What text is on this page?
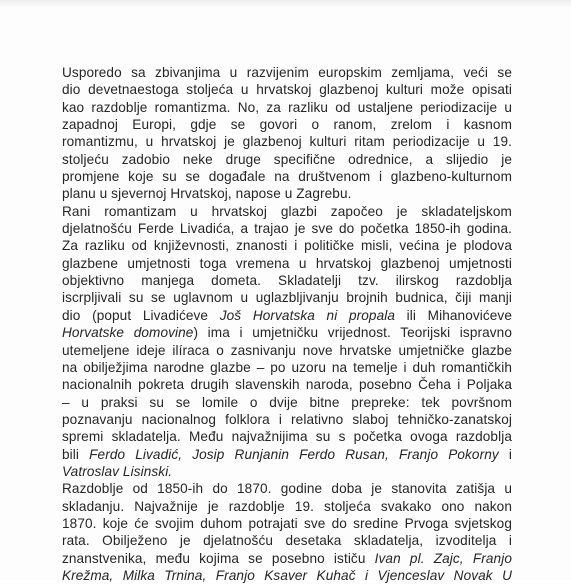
Usporedo sa zbivanjima u razvijenim europskim zemljama, veći se
dio devetnaestoga stoljeća u hrvatskoj glazbenoj kulturi može opisati
kao razdoblje romantizma. No, za razliku od ustaljene periodizacije u
zapadnoj Europi, gdje se govori o ranom, zrelom i kasnom
romantizmu, u hrvatskoj je glazbenoj kulturi ritam periodizacije u 19.
stoljeću zadobio neke druge specifične odrednice, a slijedio je
promjene koje su se događale na društvenom i glazbeno-kulturnom
planu u sjevernoj Hrvatskoj, napose u Zagrebu.
Rani romantizam u hrvatskoj glazbi započeo je skladateljskom
djelatnošću Ferde Livadića, a trajao je sve do početka 1850-ih godina.
Za razliku od književnosti, znanosti i političke misli, većina je plodova
glazbene umjetnosti toga vremena u hrvatskoj glazbenoj umjetnosti
objektivno manjega dometa. Skladatelji tzv. ilirskog razdoblja
iscrpljivali su se uglavnom u uglazbljivanju brojnih budnica, čiji manji
dio (poput Livadićeve Još Horvatska ni propala ili Mihanovićeve
Horvatske domovine) ima i umjetničku vrijednost. Teorijski ispravno
utemeljene ideje ilíraca o zasnivanju nove hrvatske umjetničke glazbe
na obilježjima narodne glazbe – po uzoru na temelje i duh romantičkih
nacionalnih pokreta drugih slavenskih naroda, posebno Čeha i Poljaka
– u praksi su se lomile o dvije bitne prepreke: tek površnom
poznavanju nacionalnog folklora i relativno slaboj tehničko-zanatskoj
spremi skladatelja. Među najvažnijima su s početka ovoga razdoblja
bili Ferdo Livadić, Josip Runjanin Ferdo Rusan, Franjo Pokorny i
Vatroslav Lisinski.
Razdoblje od 1850-ih do 1870. godine doba je stanovita zatišja u
skladanju. Najvažnije je razdoblje 19. stoljeća svakako ono nakon
1870. koje će svojim duhom potrajati sve do sredine Prvoga svjetskog
rata. Obilježeno je djelatnošću desetaka skladatelja, izvoditelja i
znanstvenika, među kojima se posebno ističu Ivan pl. Zajc, Franjo
Krežma, Milka Trnina, Franjo Ksaver Kuhač i Vjenceslav Novak U
